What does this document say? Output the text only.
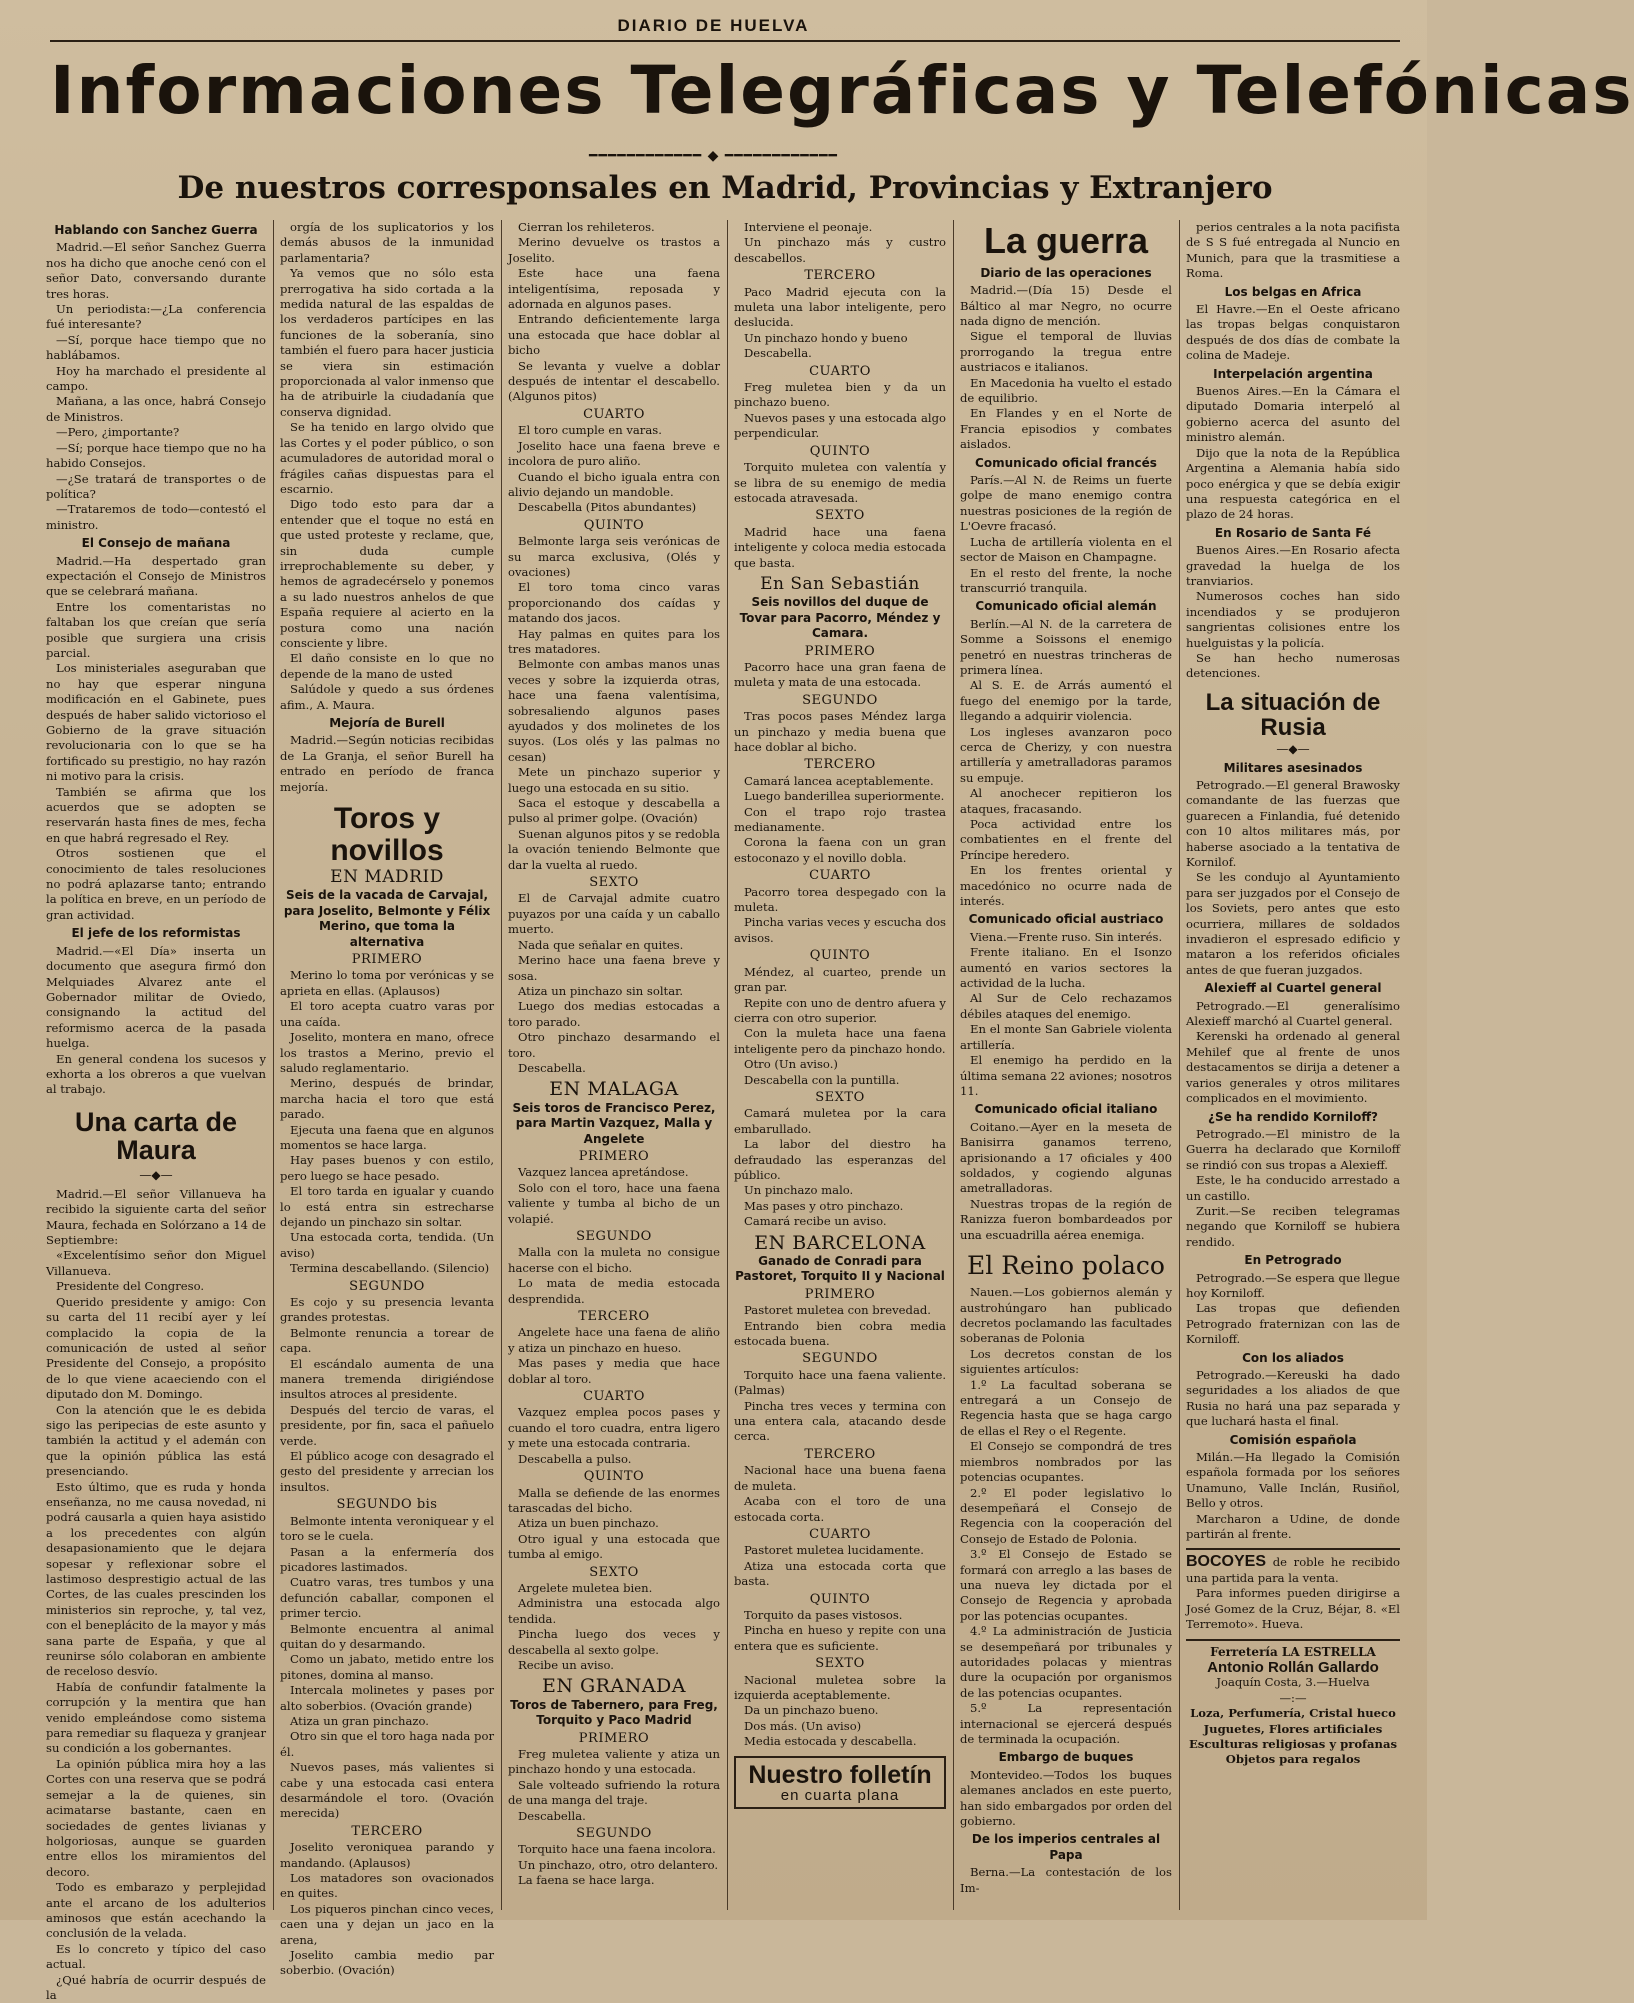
DIARIO DE HUELVA
Informaciones Telegráficas y Telefónicas
━━━━━━━━━━━━ ◆ ━━━━━━━━━━━━
De nuestros corresponsales en Madrid, Provincias y Extranjero
Hablando con Sanchez Guerra

Madrid.—El señor Sanchez Guerra nos ha dicho que anoche cenó con el señor Dato, conversando durante tres horas.

Un periodista:—¿La conferencia fué interesante?

—Sí, porque hace tiempo que no hablábamos.

Hoy ha marchado el presidente al campo.

Mañana, a las once, habrá Consejo de Ministros.

—Pero, ¿importante?

—Sí; porque hace tiempo que no ha habido Consejos.

—¿Se tratará de transportes o de política?

—Trataremos de todo—contestó el ministro.

El Consejo de mañana

Madrid.—Ha despertado gran expectación el Consejo de Ministros que se celebrará mañana.

Entre los comentaristas no faltaban los que creían que sería posible que surgiera una crisis parcial.

Los ministeriales aseguraban que no hay que esperar ninguna modificación en el Gabinete, pues después de haber salido victorioso el Gobierno de la grave situación revolucionaria con lo que se ha fortificado su prestigio, no hay razón ni motivo para la crisis.

También se afirma que los acuerdos que se adopten se reservarán hasta fines de mes, fecha en que habrá regresado el Rey.

Otros sostienen que el conocimiento de tales resoluciones no podrá aplazarse tanto; entrando la política en breve, en un período de gran actividad.

El jefe de los reformistas

Madrid.—«El Día» inserta un documento que asegura firmó don Melquiades Alvarez ante el Gobernador militar de Oviedo, consignando la actitud del reformismo acerca de la pasada huelga.

En general condena los sucesos y exhorta a los obreros a que vuelvan al trabajo.

Una carta de Maura
—◆—

Madrid.—El señor Villanueva ha recibido la siguiente carta del señor Maura, fechada en Solórzano a 14 de Septiembre:

«Excelentísimo señor don Miguel Villanueva.

Presidente del Congreso.

Querido presidente y amigo: Con su carta del 11 recibí ayer y leí complacido la copia de la comunicación de usted al señor Presidente del Consejo, a propósito de lo que viene acaeciendo con el diputado don M. Domingo.

Con la atención que le es debida sigo las peripecias de este asunto y también la actitud y el ademán con que la opinión pública las está presenciando.

Esto último, que es ruda y honda enseñanza, no me causa novedad, ni podrá causarla a quien haya asistido a los precedentes con algún desapasionamiento que le dejara sopesar y reflexionar sobre el lastimoso desprestigio actual de las Cortes, de las cuales prescinden los ministerios sin reproche, y, tal vez, con el beneplácito de la mayor y más sana parte de España, y que al reunirse sólo colaboran en ambiente de receloso desvío.

Había de confundir fatalmente la corrupción y la mentira que han venido empleándose como sistema para remediar su flaqueza y granjear su condición a los gobernantes.

La opinión pública mira hoy a las Cortes con una reserva que se podrá semejar a la de quienes, sin acimatarse bastante, caen en sociedades de gentes livianas y holgoriosas, aunque se guarden entre ellos los miramientos del decoro.

Todo es embarazo y perplejidad ante el arcano de los adulterios aminosos que están acechando la conclusión de la velada.

Es lo concreto y típico del caso actual.

¿Qué habría de ocurrir después de la

orgía de los suplicatorios y los demás abusos de la inmunidad parlamentaria?

Ya vemos que no sólo esta prerrogativa ha sido cortada a la medida natural de las espaldas de los verdaderos partícipes en las funciones de la soberanía, sino también el fuero para hacer justicia se viera sin estimación proporcionada al valor inmenso que ha de atribuirle la ciudadanía que conserva dignidad.

Se ha tenido en largo olvido que las Cortes y el poder público, o son acumuladores de autoridad moral o frágiles cañas dispuestas para el escarnio.

Digo todo esto para dar a entender que el toque no está en que usted proteste y reclame, que, sin duda cumple irreprochablemente su deber, y hemos de agradecérselo y ponemos a su lado nuestros anhelos de que España requiere al acierto en la postura como una nación consciente y libre.

El daño consiste en lo que no depende de la mano de usted

Salúdole y quedo a sus órdenes afim., A. Maura.

Mejoría de Burell

Madrid.—Según noticias recibidas de La Granja, el señor Burell ha entrado en período de franca mejoría.

Toros y novillos
EN MADRID
Seis de la vacada de Carvajal, para Joselito, Belmonte y Félix Merino, que toma la alternativa
PRIMERO

Merino lo toma por verónicas y se aprieta en ellas. (Aplausos)

El toro acepta cuatro varas por una caída.

Joselito, montera en mano, ofrece los trastos a Merino, previo el saludo reglamentario.

Merino, después de brindar, marcha hacia el toro que está parado.

Ejecuta una faena que en algunos momentos se hace larga.

Hay pases buenos y con estilo, pero luego se hace pesado.

El toro tarda en igualar y cuando lo está entra sin estrecharse dejando un pinchazo sin soltar.

Una estocada corta, tendida. (Un aviso)

Termina descabellando. (Silencio)

SEGUNDO

Es cojo y su presencia levanta grandes protestas.

Belmonte renuncia a torear de capa.

El escándalo aumenta de una manera tremenda dirigiéndose insultos atroces al presidente.

Después del tercio de varas, el presidente, por fin, saca el pañuelo verde.

El público acoge con desagrado el gesto del presidente y arrecian los insultos.

SEGUNDO bis

Belmonte intenta veroniquear y el toro se le cuela.

Pasan a la enfermería dos picadores lastimados.

Cuatro varas, tres tumbos y una defunción caballar, componen el primer tercio.

Belmonte encuentra al animal quitan do y desarmando.

Como un jabato, metido entre los pitones, domina al manso.

Intercala molinetes y pases por alto soberbios. (Ovación grande)

Atiza un gran pinchazo.

Otro sin que el toro haga nada por él.

Nuevos pases, más valientes si cabe y una estocada casi entera desarmándole el toro. (Ovación merecida)

TERCERO

Joselito veroniquea parando y mandando. (Aplausos)

Los matadores son ovacionados en quites.

Los piqueros pinchan cinco veces, caen una y dejan un jaco en la arena,

Joselito cambia medio par soberbio. (Ovación)

Cierran los rehileteros.

Merino devuelve os trastos a Joselito.

Este hace una faena inteligentísima, reposada y adornada en algunos pases.

Entrando deficientemente larga una estocada que hace doblar al bicho

Se levanta y vuelve a doblar después de intentar el descabello. (Algunos pitos)

CUARTO

El toro cumple en varas.

Joselito hace una faena breve e incolora de puro aliño.

Cuando el bicho iguala entra con alivio dejando un mandoble.

Descabella (Pitos abundantes)

QUINTO

Belmonte larga seis verónicas de su marca exclusiva, (Olés y ovaciones)

El toro toma cinco varas proporcionando dos caídas y matando dos jacos.

Hay palmas en quites para los tres matadores.

Belmonte con ambas manos unas veces y sobre la izquierda otras, hace una faena valentísima, sobresaliendo algunos pases ayudados y dos molinetes de los suyos. (Los olés y las palmas no cesan)

Mete un pinchazo superior y luego una estocada en su sitio.

Saca el estoque y descabella a pulso al primer golpe. (Ovación)

Suenan algunos pitos y se redobla la ovación teniendo Belmonte que dar la vuelta al ruedo.

SEXTO

El de Carvajal admite cuatro puyazos por una caída y un caballo muerto.

Nada que señalar en quites.

Merino hace una faena breve y sosa.

Atiza un pinchazo sin soltar.

Luego dos medias estocadas a toro parado.

Otro pinchazo desarmando el toro.

Descabella.

EN MALAGA
Seis toros de Francisco Perez, para Martin Vazquez, Malla y Angelete
PRIMERO

Vazquez lancea apretándose.

Solo con el toro, hace una faena valiente y tumba al bicho de un volapié.

SEGUNDO

Malla con la muleta no consigue hacerse con el bicho.

Lo mata de media estocada desprendida.

TERCERO

Angelete hace una faena de aliño y atiza un pinchazo en hueso.

Mas pases y media que hace doblar al toro.

CUARTO

Vazquez emplea pocos pases y cuando el toro cuadra, entra ligero y mete una estocada contraria.

Descabella a pulso.

QUINTO

Malla se defiende de las enormes tarascadas del bicho.

Atiza un buen pinchazo.

Otro igual y una estocada que tumba al emigo.

SEXTO

Argelete muletea bien.

Administra una estocada algo tendida.

Pincha luego dos veces y descabella al sexto golpe.

Recibe un aviso.

EN GRANADA
Toros de Tabernero, para Freg, Torquito y Paco Madrid
PRIMERO

Freg muletea valiente y atiza un pinchazo hondo y una estocada.

Sale volteado sufriendo la rotura de una manga del traje.

Descabella.

SEGUNDO

Torquito hace una faena incolora.

Un pinchazo, otro, otro delantero.

La faena se hace larga.

Interviene el peonaje.

Un pinchazo más y custro descabellos.

TERCERO

Paco Madrid ejecuta con la muleta una labor inteligente, pero deslucida.

Un pinchazo hondo y bueno

Descabella.

CUARTO

Freg muletea bien y da un pinchazo bueno.

Nuevos pases y una estocada algo perpendicular.

QUINTO

Torquito muletea con valentía y se libra de su enemigo de media estocada atravesada.

SEXTO

Madrid hace una faena inteligente y coloca media estocada que basta.

En San Sebastián
Seis novillos del duque de Tovar para Pacorro, Méndez y Camara.
PRIMERO

Pacorro hace una gran faena de muleta y mata de una estocada.

SEGUNDO

Tras pocos pases Méndez larga un pinchazo y media buena que hace doblar al bicho.

TERCERO

Camará lancea aceptablemente.

Luego banderillea superiormente.

Con el trapo rojo trastea medianamente.

Corona la faena con un gran estoconazo y el novillo dobla.

CUARTO

Pacorro torea despegado con la muleta.

Pincha varias veces y escucha dos avisos.

QUINTO

Méndez, al cuarteo, prende un gran par.

Repite con uno de dentro afuera y cierra con otro superior.

Con la muleta hace una faena inteligente pero da pinchazo hondo.

Otro (Un aviso.)

Descabella con la puntilla.

SEXTO

Camará muletea por la cara embarullado.

La labor del diestro ha defraudado las esperanzas del público.

Un pinchazo malo.

Mas pases y otro pinchazo.

Camará recibe un aviso.

EN BARCELONA
Ganado de Conradi para Pastoret, Torquito II y Nacional
PRIMERO

Pastoret muletea con brevedad.

Entrando bien cobra media estocada buena.

SEGUNDO

Torquito hace una faena valiente. (Palmas)

Pincha tres veces y termina con una entera cala, atacando desde cerca.

TERCERO

Nacional hace una buena faena de muleta.

Acaba con el toro de una estocada corta.

CUARTO

Pastoret muletea lucidamente.

Atiza una estocada corta que basta.

QUINTO

Torquito da pases vistosos.

Pincha en hueso y repite con una entera que es suficiente.

SEXTO

Nacional muletea sobre la izquierda aceptablemente.

Da un pinchazo bueno.

Dos más. (Un aviso)

Media estocada y descabella.

Nuestro folletín
en cuarta plana
La guerra
Diario de las operaciones

Madrid.—(Día 15) Desde el Báltico al mar Negro, no ocurre nada digno de mención.

Sigue el temporal de lluvias prorrogando la tregua entre austriacos e italianos.

En Macedonia ha vuelto el estado de equilibrio.

En Flandes y en el Norte de Francia episodios y combates aislados.

Comunicado oficial francés

París.—Al N. de Reims un fuerte golpe de mano enemigo contra nuestras posiciones de la región de L'Oevre fracasó.

Lucha de artillería violenta en el sector de Maison en Champagne.

En el resto del frente, la noche transcurrió tranquila.

Comunicado oficial alemán

Berlín.—Al N. de la carretera de Somme a Soissons el enemigo penetró en nuestras trincheras de primera línea.

Al S. E. de Arrás aumentó el fuego del enemigo por la tarde, llegando a adquirir violencia.

Los ingleses avanzaron poco cerca de Cherizy, y con nuestra artillería y ametralladoras paramos su empuje.

Al anochecer repitieron los ataques, fracasando.

Poca actividad entre los combatientes en el frente del Príncipe heredero.

En los frentes oriental y macedónico no ocurre nada de interés.

Comunicado oficial austriaco

Viena.—Frente ruso. Sin interés.

Frente italiano. En el Isonzo aumentó en varios sectores la actividad de la lucha.

Al Sur de Celo rechazamos débiles ataques del enemigo.

En el monte San Gabriele violenta artillería.

El enemigo ha perdido en la última semana 22 aviones; nosotros 11.

Comunicado oficial italiano

Coitano.—Ayer en la meseta de Banisirra ganamos terreno, aprisionando a 17 oficiales y 400 soldados, y cogiendo algunas ametralladoras.

Nuestras tropas de la región de Ranizza fueron bombardeados por una escuadrilla aérea enemiga.

El Reino polaco

Nauen.—Los gobiernos alemán y austrohúngaro han publicado decretos poclamando las facultades soberanas de Polonia

Los decretos constan de los siguientes artículos:

1.º La facultad soberana se entregará a un Consejo de Regencia hasta que se haga cargo de ellas el Rey o el Regente.

El Consejo se compondrá de tres miembros nombrados por las potencias ocupantes.

2.º El poder legislativo lo desempeñará el Consejo de Regencia con la cooperación del Consejo de Estado de Polonia.

3.º El Consejo de Estado se formará con arreglo a las bases de una nueva ley dictada por el Consejo de Regencia y aprobada por las potencias ocupantes.

4.º La administración de Justicia se desempeñará por tribunales y autoridades polacas y mientras dure la ocupación por organismos de las potencias ocupantes.

5.º La representación internacional se ejercerá después de terminada la ocupación.

Embargo de buques

Montevideo.—Todos los buques alemanes anclados en este puerto, han sido embargados por orden del gobierno.

De los imperios centrales al Papa

Berna.—La contestación de los Im-

perios centrales a la nota pacifista de S S fué entregada al Nuncio en Munich, para que la trasmitiese a Roma.

Los belgas en Africa

El Havre.—En el Oeste africano las tropas belgas conquistaron después de dos días de combate la colina de Madeje.

Interpelación argentina

Buenos Aires.—En la Cámara el diputado Domaria interpeló al gobierno acerca del asunto del ministro alemán.

Dijo que la nota de la República Argentina a Alemania había sido poco enérgica y que se debía exigir una respuesta categórica en el plazo de 24 horas.

En Rosario de Santa Fé

Buenos Aires.—En Rosario afecta gravedad la huelga de los tranviarios.

Numerosos coches han sido incendiados y se produjeron sangrientas colisiones entre los huelguistas y la policía.

Se han hecho numerosas detenciones.

La situación de Rusia
—◆—
Militares asesinados

Petrogrado.—El general Brawosky comandante de las fuerzas que guarecen a Finlandia, fué detenido con 10 altos militares más, por haberse asociado a la tentativa de Kornilof.

Se les condujo al Ayuntamiento para ser juzgados por el Consejo de los Soviets, pero antes que esto ocurriera, millares de soldados invadieron el espresado edificio y mataron a los referidos oficiales antes de que fueran juzgados.

Alexieff al Cuartel general

Petrogrado.—El generalísimo Alexieff marchó al Cuartel general.

Kerenski ha ordenado al general Mehilef que al frente de unos destacamentos se dirija a detener a varios generales y otros militares complicados en el movimiento.

¿Se ha rendido Korniloff?

Petrogrado.—El ministro de la Guerra ha declarado que Korniloff se rindió con sus tropas a Alexieff.

Este, le ha conducido arrestado a un castillo.

Zurit.—Se reciben telegramas negando que Korniloff se hubiera rendido.

En Petrogrado

Petrogrado.—Se espera que llegue hoy Korniloff.

Las tropas que defienden Petrogrado fraternizan con las de Korniloff.

Con los aliados

Petrogrado.—Kereuski ha dado seguridades a los aliados de que Rusia no hará una paz separada y que luchará hasta el final.

Comisión española

Milán.—Ha llegado la Comisión española formada por los señores Unamuno, Valle Inclán, Rusiñol, Bello y otros.

Marcharon a Udine, de donde partirán al frente.

BOCOYES de roble he recibido una partida para la venta.

Para informes pueden dirigirse a José Gomez de la Cruz, Béjar, 8. «El Terremoto». Hueva.

Ferretería LA ESTRELLA
Antonio Rollán Gallardo
Joaquín Costa, 3.—Huelva
—:—
Loza, Perfumería, Cristal hueco
Juguetes, Flores artificiales
Esculturas religiosas y profanas
Objetos para regalos
